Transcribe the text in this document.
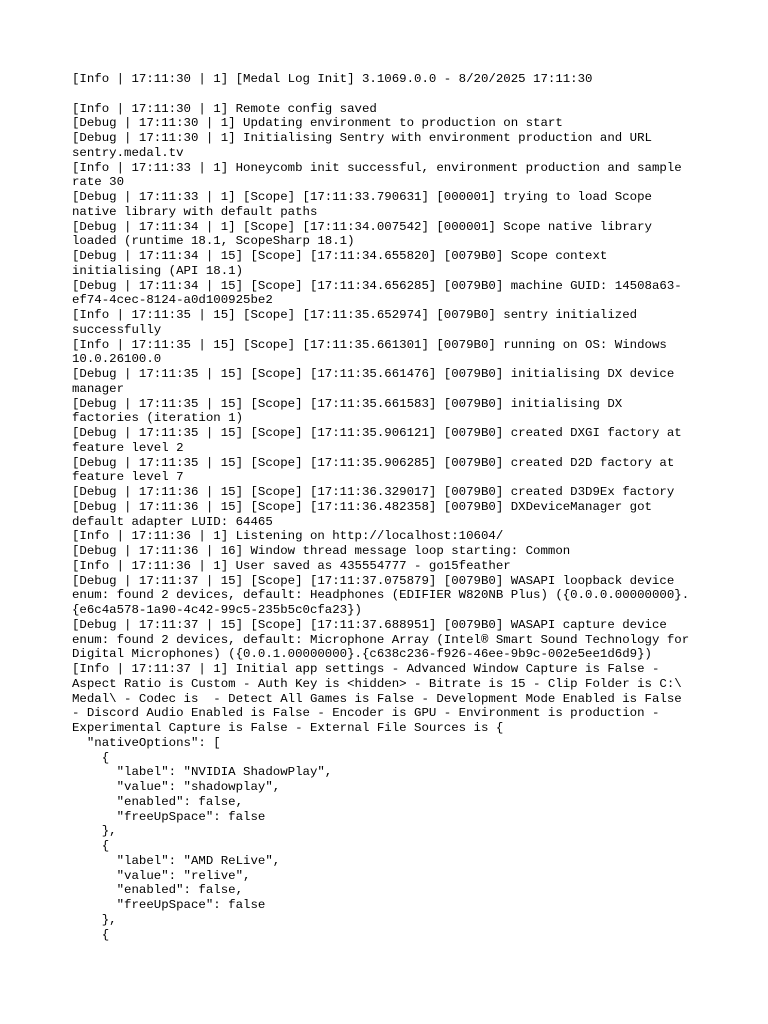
[Info | 17:11:30 | 1] [Medal Log Init] 3.1069.0.0 - 8/20/2025 17:11:30
[Info | 17:11:30 | 1] Remote config saved
[Debug | 17:11:30 | 1] Updating environment to production on start
[Debug | 17:11:30 | 1] Initialising Sentry with environment production and URL
sentry.medal.tv
[Info | 17:11:33 | 1] Honeycomb init successful, environment production and sample
rate 30
[Debug | 17:11:33 | 1] [Scope] [17:11:33.790631] [000001] trying to load Scope
native library with default paths
[Debug | 17:11:34 | 1] [Scope] [17:11:34.007542] [000001] Scope native library
loaded (runtime 18.1, ScopeSharp 18.1)
[Debug | 17:11:34 | 15] [Scope] [17:11:34.655820] [0079B0] Scope context
initialising (API 18.1)
[Debug | 17:11:34 | 15] [Scope] [17:11:34.656285] [0079B0] machine GUID: 14508a63-
ef74-4cec-8124-a0d100925be2
[Info | 17:11:35 | 15] [Scope] [17:11:35.652974] [0079B0] sentry initialized
successfully
[Info | 17:11:35 | 15] [Scope] [17:11:35.661301] [0079B0] running on OS: Windows
10.0.26100.0
[Debug | 17:11:35 | 15] [Scope] [17:11:35.661476] [0079B0] initialising DX device
manager
[Debug | 17:11:35 | 15] [Scope] [17:11:35.661583] [0079B0] initialising DX
factories (iteration 1)
[Debug | 17:11:35 | 15] [Scope] [17:11:35.906121] [0079B0] created DXGI factory at
feature level 2
[Debug | 17:11:35 | 15] [Scope] [17:11:35.906285] [0079B0] created D2D factory at
feature level 7
[Debug | 17:11:36 | 15] [Scope] [17:11:36.329017] [0079B0] created D3D9Ex factory
[Debug | 17:11:36 | 15] [Scope] [17:11:36.482358] [0079B0] DXDeviceManager got
default adapter LUID: 64465
[Info | 17:11:36 | 1] Listening on http://localhost:10604/
[Debug | 17:11:36 | 16] Window thread message loop starting: Common
[Info | 17:11:36 | 1] User saved as 435554777 - go15feather
[Debug | 17:11:37 | 15] [Scope] [17:11:37.075879] [0079B0] WASAPI loopback device
enum: found 2 devices, default: Headphones (EDIFIER W820NB Plus) ({0.0.0.00000000}.
{e6c4a578-1a90-4c42-99c5-235b5c0cfa23})
[Debug | 17:11:37 | 15] [Scope] [17:11:37.688951] [0079B0] WASAPI capture device
enum: found 2 devices, default: Microphone Array (Intel® Smart Sound Technology for
Digital Microphones) ({0.0.1.00000000}.{c638c236-f926-46ee-9b9c-002e5ee1d6d9})
[Info | 17:11:37 | 1] Initial app settings - Advanced Window Capture is False -
Aspect Ratio is Custom - Auth Key is <hidden> - Bitrate is 15 - Clip Folder is C:\
Medal\ - Codec is  - Detect All Games is False - Development Mode Enabled is False
- Discord Audio Enabled is False - Encoder is GPU - Environment is production -
Experimental Capture is False - External File Sources is {
"nativeOptions": [
{
"label": "NVIDIA ShadowPlay",
"value": "shadowplay",
"enabled": false,
"freeUpSpace": false
},
{
"label": "AMD ReLive",
"value": "relive",
"enabled": false,
"freeUpSpace": false
},
{
